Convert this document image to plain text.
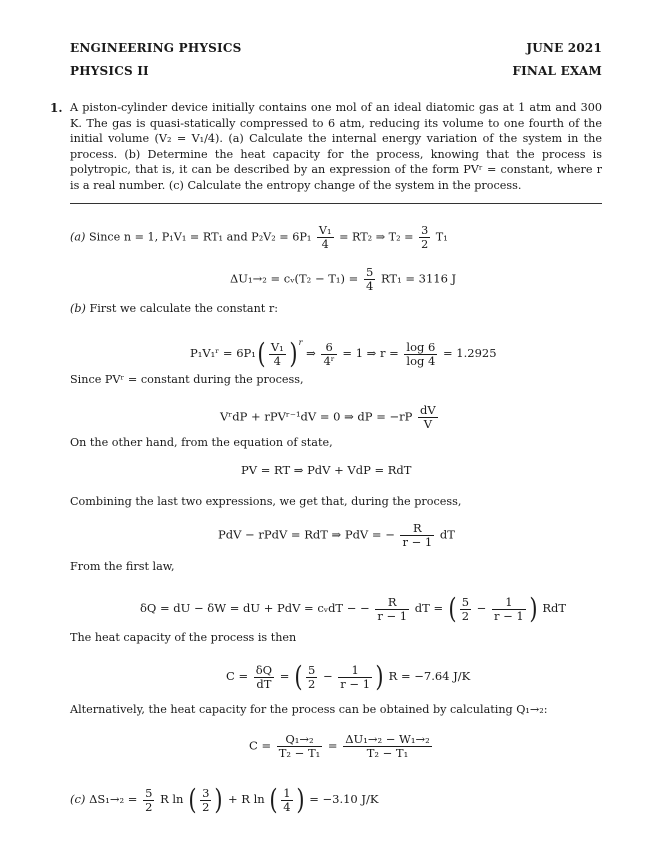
ENGINEERING PHYSICS
PHYSICS II
JUNE 2021
FINAL EXAM
1. A piston-cylinder device initially contains one mol of an ideal diatomic gas at 1 atm and 300 K. The gas is quasi-statically compressed to 6 atm, reducing its volume to one fourth of the initial volume (V₂ = V₁/4). (a) Calculate the internal energy variation of the system in the process. (b) Determine the heat capacity for the process, knowing that the process is polytropic, that is, it can be described by an expression of the form PVʳ = constant, where r is a real number. (c) Calculate the entropy change of the system in the process.
(a) Since n = 1, P₁V₁ = RT₁ and $P_2V_2 = 6P_1 \frac{\text{V₁}}{4} = RT_2$ ⇒ $T_2 = \frac{3}{2} T_1$
ΔU₁→₂ = cᵥ(T₂ − $T_1) = \frac{5}{4} RT_1 = 3116$ J
(b) First we calculate the constant r:
P₁V₁ʳ = $6P_1( \frac{\text{V₁}}{4} )^r$ ⇒ $\frac{6}{\text{4ʳ}} = 1$ ⇒ $r = \frac{\log 6}{\log 4} = 1.2925$
Since PVʳ = constant during the process,
VʳdP + rPVʳ⁻¹dV = 0 ⇒ dP = $-rP \frac{dV}{V}$
On the other hand, from the equation of state,
PV = RT ⇒ PdV + VdP = RdT
Combining the last two expressions, we get that, during the process,
PdV − rPdV = RdT ⇒ PdV = − $\frac{R}{r - 1}$ dT
From the first law,
δQ = dU − δW = dU + PdV = cᵥdT − − $\frac{R}{r - 1}$ dT = ( $\frac{5}{2} - \frac{1}{r - 1}$ ) RdT
The heat capacity of the process is then
$C = \frac{\delta Q}{dT}$ = ( $\frac{5}{2} - \frac{1}{r - 1}$ ) R = −7.64 J/K
Alternatively, the heat capacity for the process can be obtained by calculating Q₁→₂:
$C = \frac{\text{Q₁→₂}}{\text{T₂ − T₁}} = \frac{\text{ΔU₁→₂ − W₁→₂}}{\text{T₂ − T₁}}$
(c) $\Delta S_1\to_2 = \frac{5}{2}$ R ln ( $\frac{3}{2}$ ) + R ln ( $\frac{1}{4}$ ) = −3.10 J/K
